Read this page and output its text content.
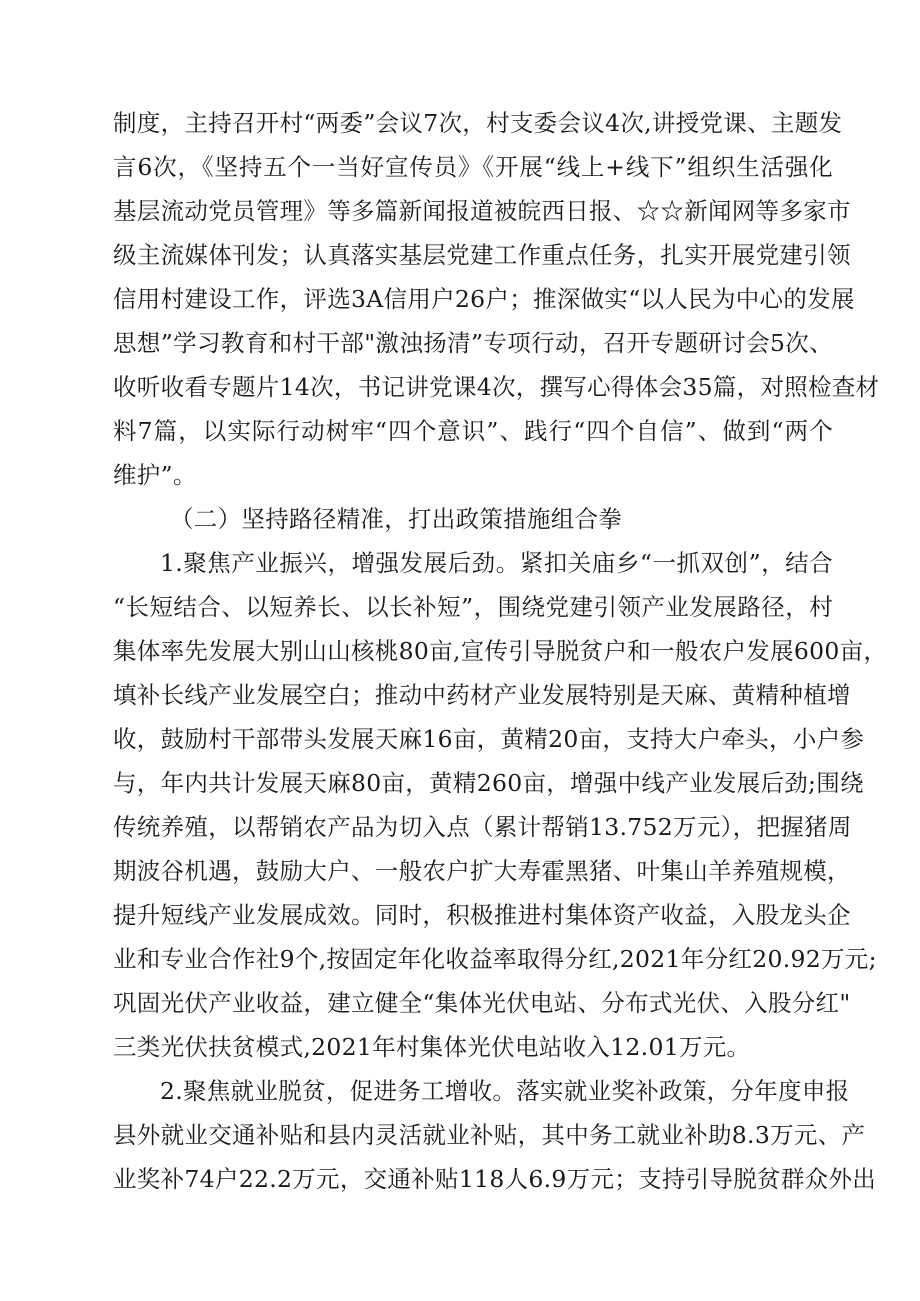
制度，主持召开村“两委”会议7次，村支委会议4次,讲授党课、主题发
言6次，《坚持五个一当好宣传员》《开展“线上+线下”组织生活强化
基层流动党员管理》等多篇新闻报道被皖西日报、☆☆新闻网等多家市
级主流媒体刊发；认真落实基层党建工作重点任务，扎实开展党建引领
信用村建设工作，评选3A信用户26户；推深做实“以人民为中心的发展
思想”学习教育和村干部"激浊扬清”专项行动，召开专题研讨会5次、
收听收看专题片14次，书记讲党课4次，撰写心得体会35篇，对照检查材
料7篇，以实际行动树牢“四个意识”、践行“四个自信”、做到“两个
维护”。
（二）坚持路径精准，打出政策措施组合拳
1.聚焦产业振兴，增强发展后劲。紧扣关庙乡“一抓双创”，结合
“长短结合、以短养长、以长补短”，围绕党建引领产业发展路径，村
集体率先发展大别山山核桃80亩,宣传引导脱贫户和一般农户发展600亩，
填补长线产业发展空白；推动中药材产业发展特别是天麻、黄精种植增
收，鼓励村干部带头发展天麻16亩，黄精20亩，支持大户牵头，小户参
与，年内共计发展天麻80亩，黄精260亩，增强中线产业发展后劲;围绕
传统养殖，以帮销农产品为切入点（累计帮销13.752万元），把握猪周
期波谷机遇，鼓励大户、一般农户扩大寿霍黑猪、叶集山羊养殖规模，
提升短线产业发展成效。同时，积极推进村集体资产收益，入股龙头企
业和专业合作社9个,按固定年化收益率取得分红,2021年分红20.92万元;
巩固光伏产业收益，建立健全“集体光伏电站、分布式光伏、入股分红"
三类光伏扶贫模式,2021年村集体光伏电站收入12.01万元。
2.聚焦就业脱贫，促进务工增收。落实就业奖补政策，分年度申报
县外就业交通补贴和县内灵活就业补贴，其中务工就业补助8.3万元、产
业奖补74户22.2万元，交通补贴118人6.9万元；支持引导脱贫群众外出
